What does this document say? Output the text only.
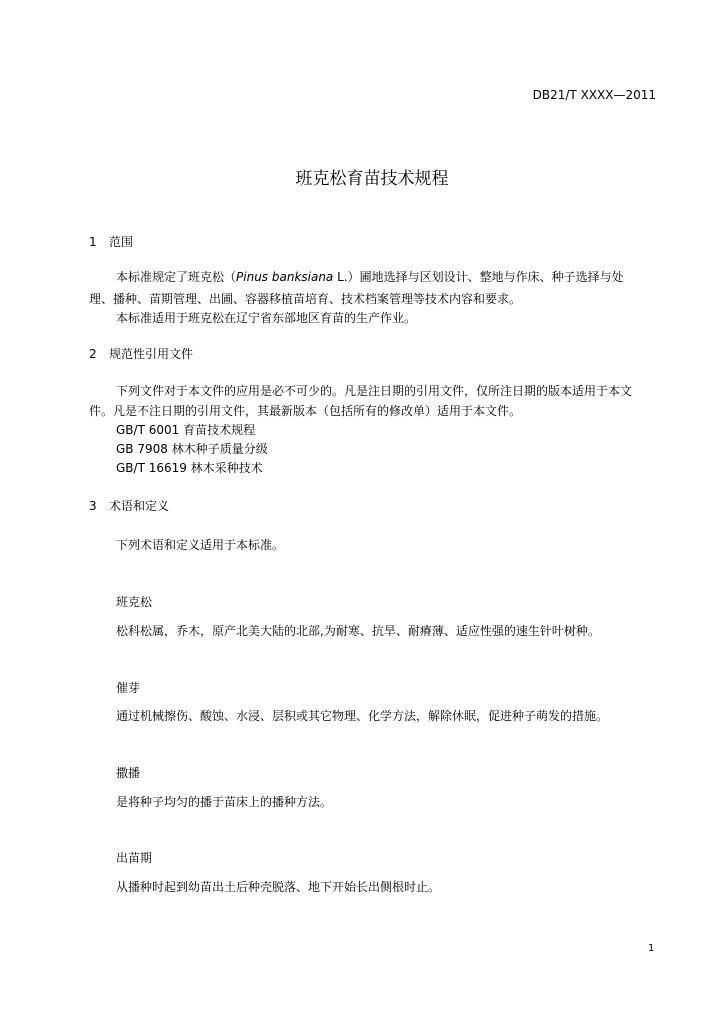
DB21/T XXXX—2011
班克松育苗技术规程
1 范围
本标准规定了班克松（Pinus banksiana L.）圃地选择与区划设计、整地与作床、种子选择与处
理、播种、苗期管理、出圃、容器移植苗培育、技术档案管理等技术内容和要求。
本标准适用于班克松在辽宁省东部地区育苗的生产作业。
2 规范性引用文件
下列文件对于本文件的应用是必不可少的。凡是注日期的引用文件，仅所注日期的版本适用于本文
件。凡是不注日期的引用文件，其最新版本（包括所有的修改单）适用于本文件。
GB/T 6001 育苗技术规程
GB 7908 林木种子质量分级
GB/T 16619 林木采种技术
3 术语和定义
下列术语和定义适用于本标准。
班克松
松科松属，乔木，原产北美大陆的北部,为耐寒、抗旱、耐瘠薄、适应性强的速生针叶树种。
催芽
通过机械擦伤、酸蚀、水浸、层积或其它物理、化学方法，解除休眠，促进种子萌发的措施。
撒播
是将种子均匀的播于苗床上的播种方法。
出苗期
从播种时起到幼苗出土后种壳脱落、地下开始长出侧根时止。
1
